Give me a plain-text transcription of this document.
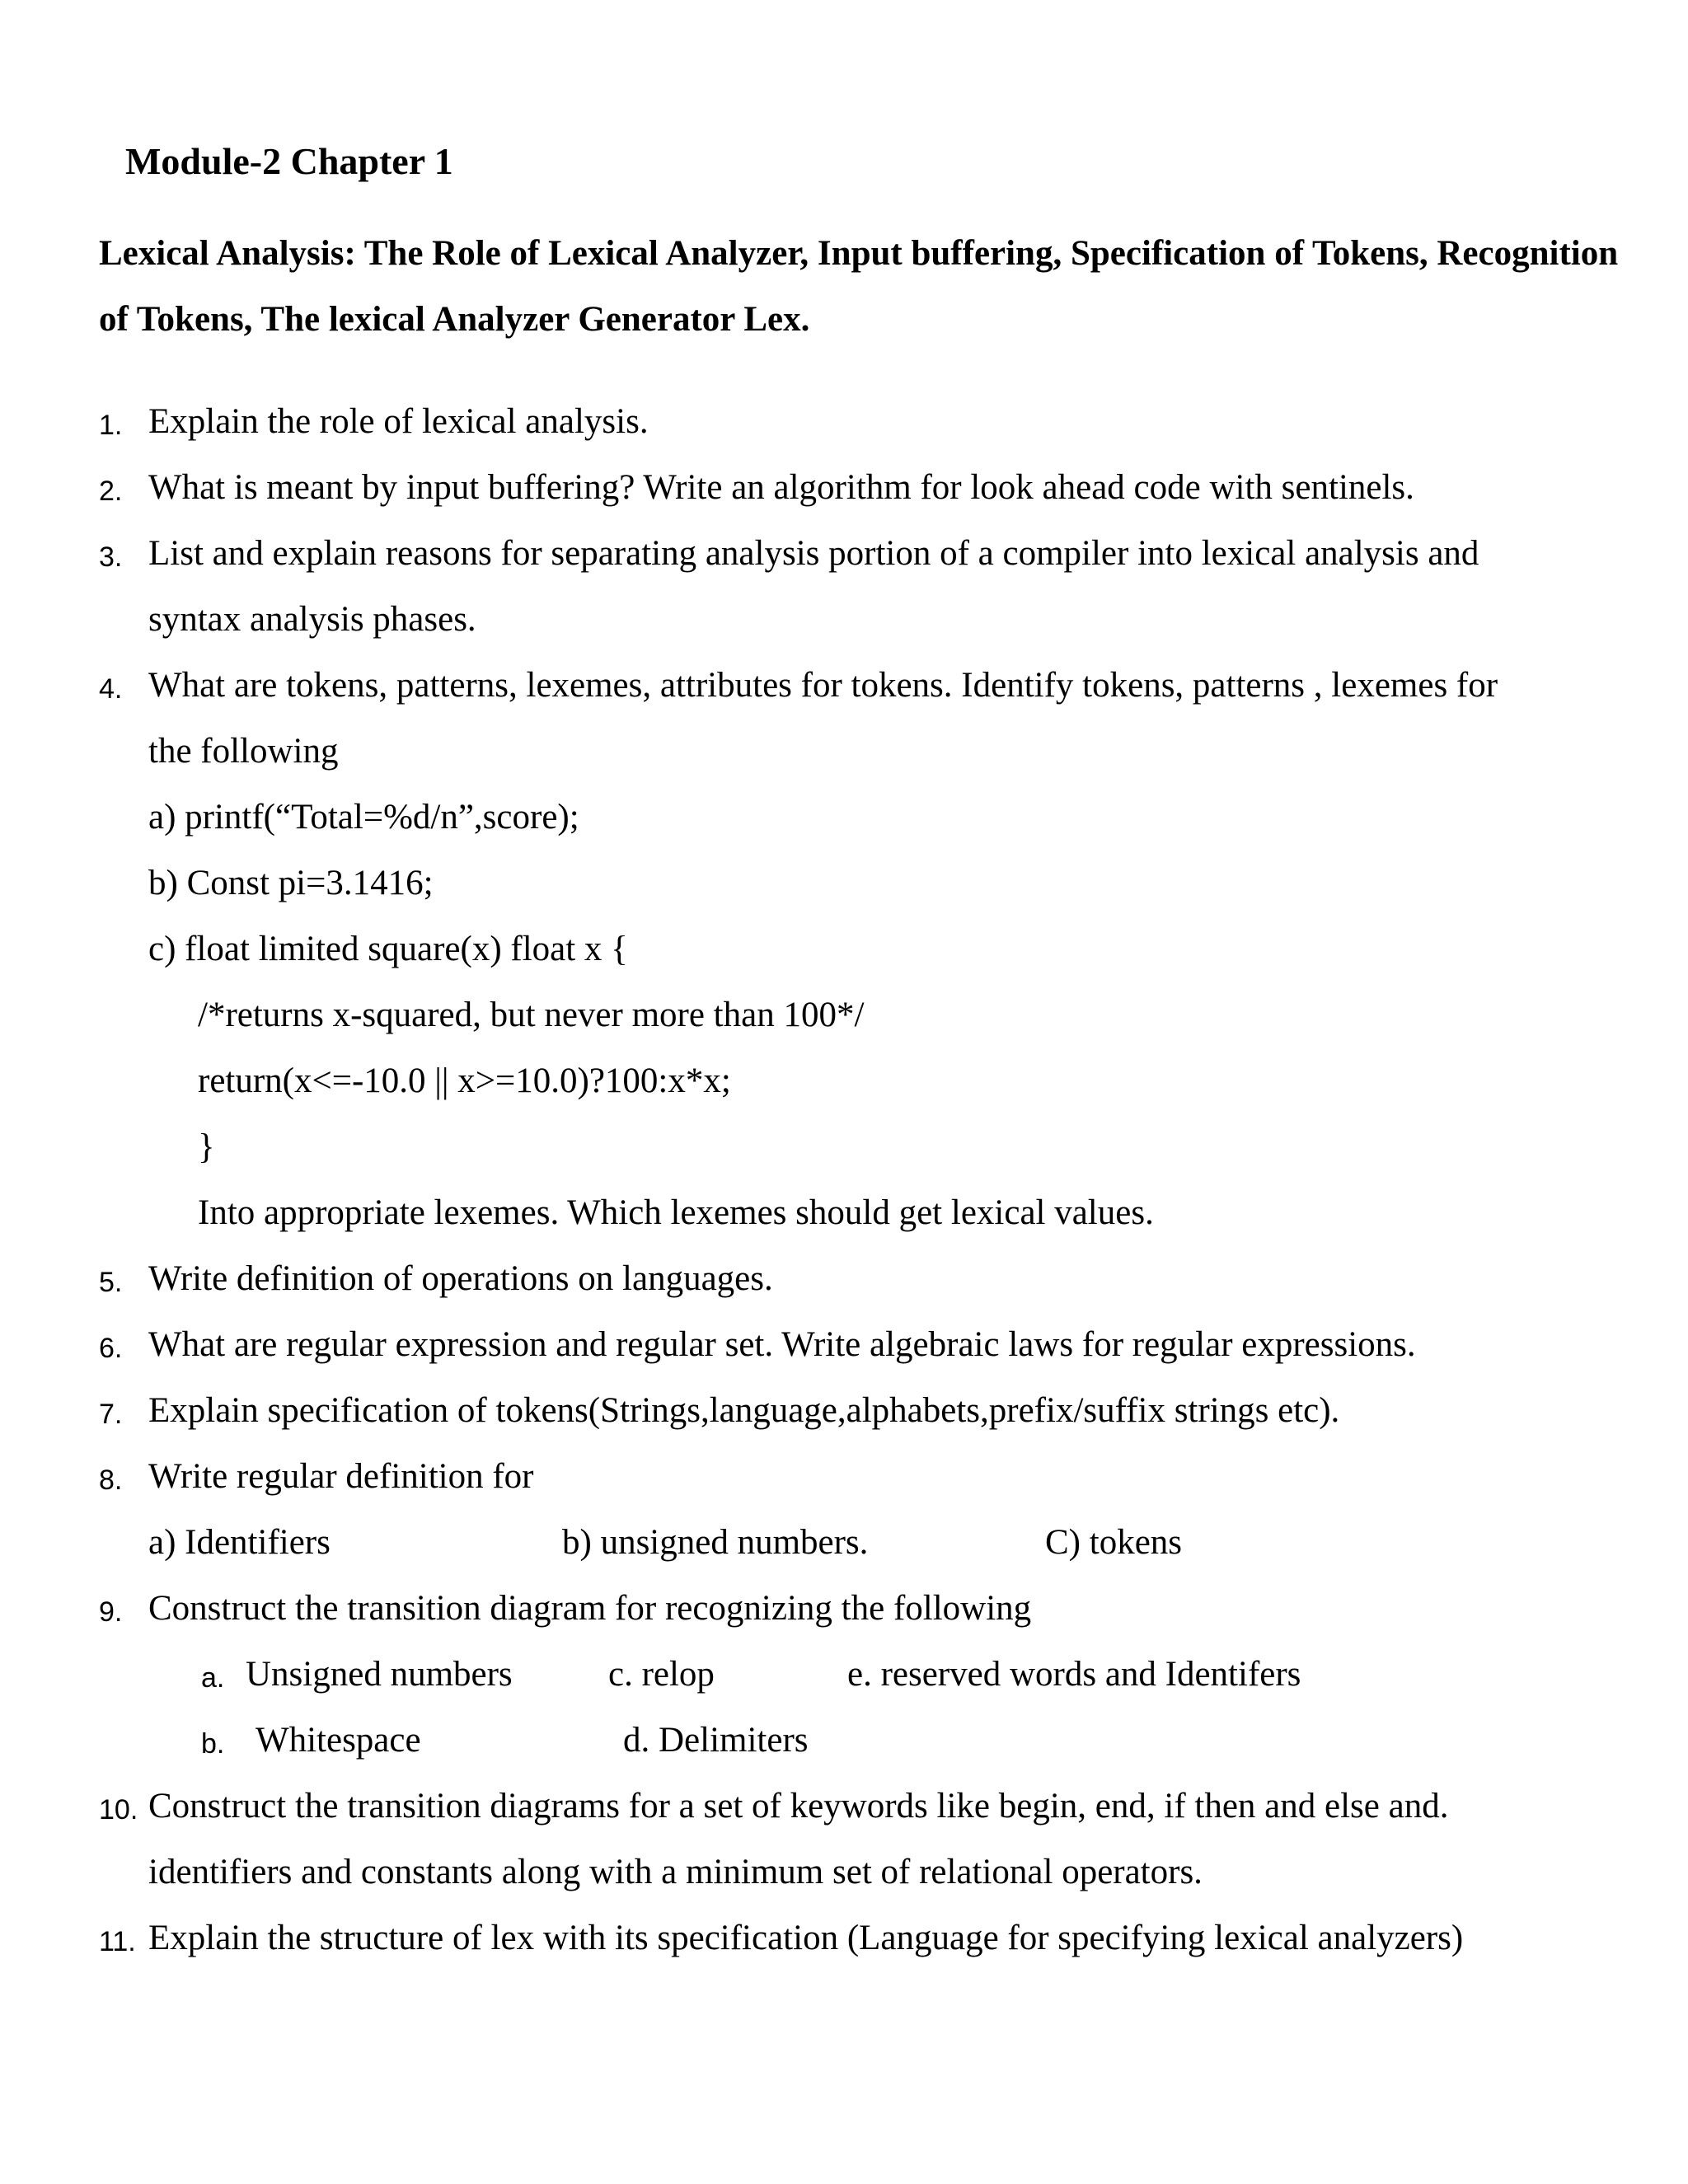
Module-2 Chapter 1
Lexical Analysis: The Role of Lexical Analyzer, Input buffering, Specification of Tokens, Recognition of Tokens, The lexical Analyzer Generator Lex.
1. Explain the role of lexical analysis.
2. What is meant by input buffering? Write an algorithm for look ahead code with sentinels.
3. List and explain reasons for separating analysis portion of a compiler into lexical analysis and
syntax analysis phases.
4. What are tokens, patterns, lexemes, attributes for tokens. Identify tokens, patterns , lexemes for
the following
a) printf(“Total=%d/n”,score);
b) Const pi=3.1416;
c) float limited square(x) float x {
/*returns x-squared, but never more than 100*/
return(x<=-10.0 || x>=10.0)?100:x*x;
}
Into appropriate lexemes. Which lexemes should get lexical values.
5. Write definition of operations on languages.
6. What are regular expression and regular set. Write algebraic laws for regular expressions.
7. Explain specification of tokens(Strings,language,alphabets,prefix/suffix strings etc).
8. Write regular definition for
a) Identifiers	b) unsigned numbers.	C) tokens
9. Construct the transition diagram for recognizing the following
a. Unsigned numbers	c. relop	e. reserved words and Identifers
b. Whitespace	d. Delimiters
10. Construct the transition diagrams for a set of keywords like begin, end, if then and else and.
identifiers and constants along with a minimum set of relational operators.
11. Explain the structure of lex with its specification (Language for specifying lexical analyzers)
